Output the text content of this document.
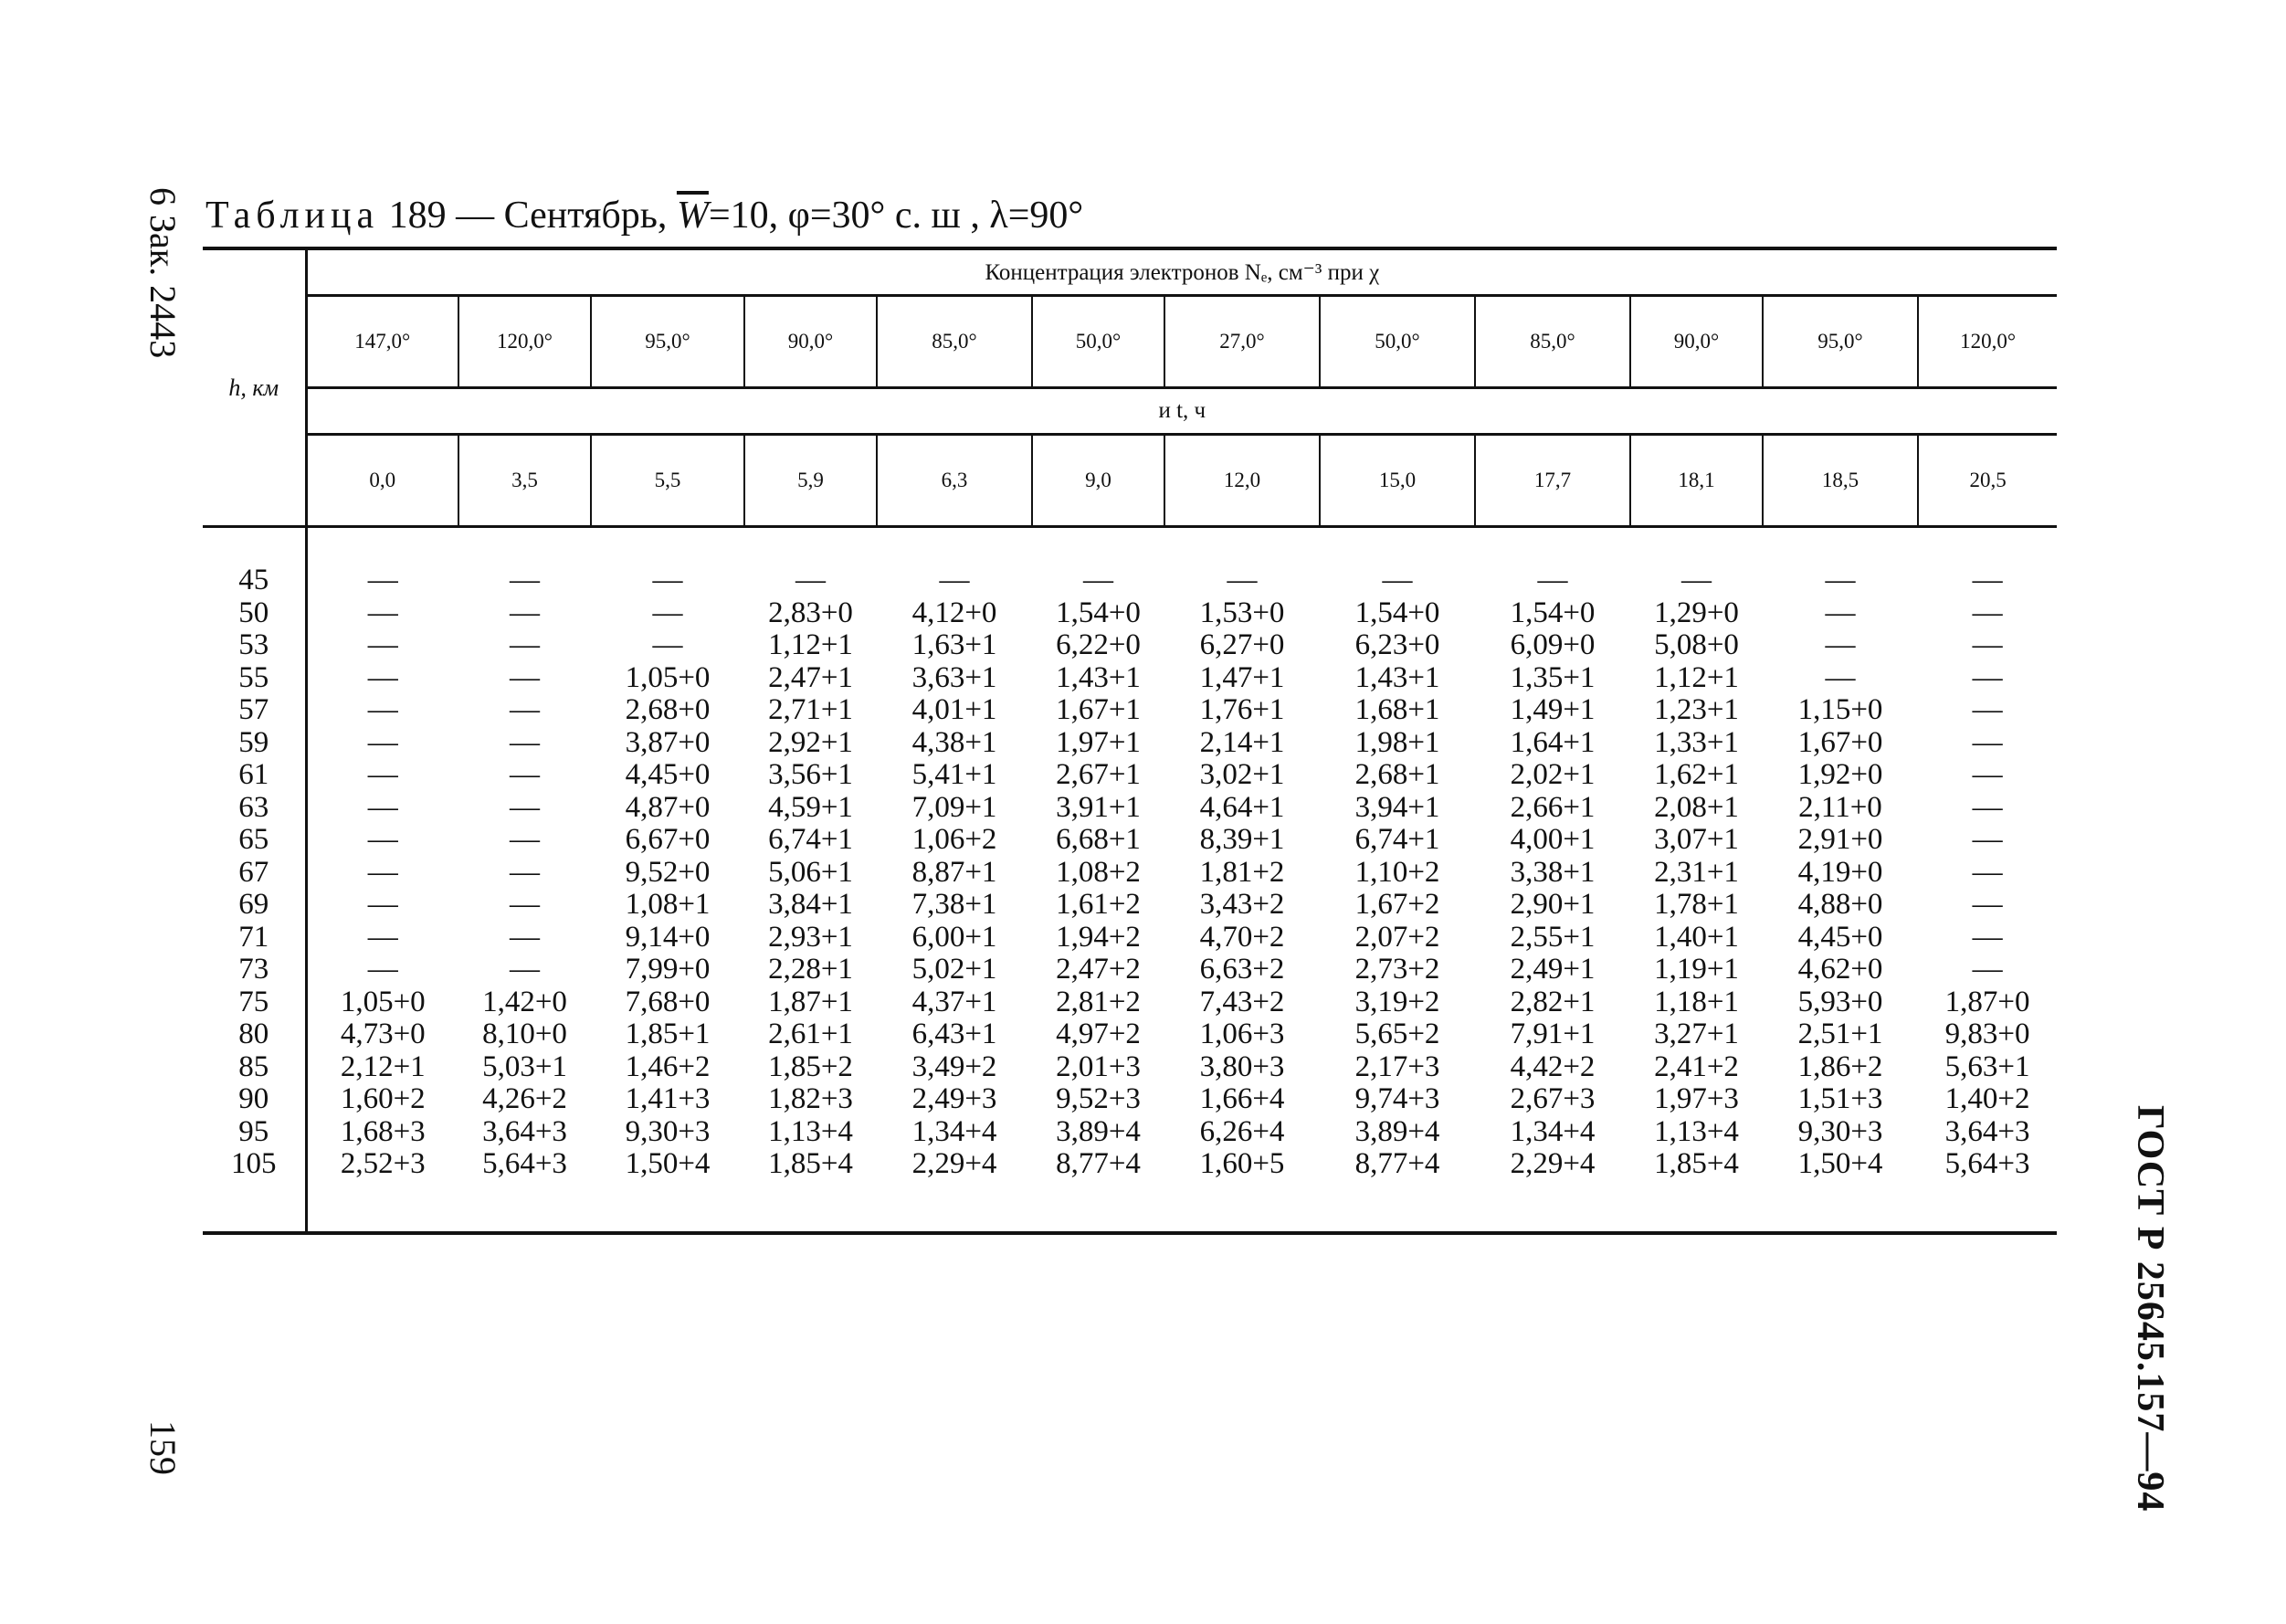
6 Зак. 2443
159	ГОСТ Р 25645.157—94
Таблица 189 — Сентябрь, $\overline{W}=10$, φ=30° с. ш , λ=90°
h, км	Концентрация электронов Nₑ, см⁻³ при χ											
	147,0°	120,0°	95,0°	90,0°	85,0°	50,0°	27,0°	50,0°	85,0°	90,0°	95,0°	120,0°
	и t, ч											
	0,0	3,5	5,5	5,9	6,3	9,0	12,0	15,0	17,7	18,1	18,5	20,5

45	—	—	—	—	—	—	—	—	—	—	—	—
50	—	—	—	2,83+0	4,12+0	1,54+0	1,53+0	1,54+0	1,54+0	1,29+0	—	—
53	—	—	—	1,12+1	1,63+1	6,22+0	6,27+0	6,23+0	6,09+0	5,08+0	—	—
55	—	—	1,05+0	2,47+1	3,63+1	1,43+1	1,47+1	1,43+1	1,35+1	1,12+1	—	—
57	—	—	2,68+0	2,71+1	4,01+1	1,67+1	1,76+1	1,68+1	1,49+1	1,23+1	1,15+0	—
59	—	—	3,87+0	2,92+1	4,38+1	1,97+1	2,14+1	1,98+1	1,64+1	1,33+1	1,67+0	—
61	—	—	4,45+0	3,56+1	5,41+1	2,67+1	3,02+1	2,68+1	2,02+1	1,62+1	1,92+0	—
63	—	—	4,87+0	4,59+1	7,09+1	3,91+1	4,64+1	3,94+1	2,66+1	2,08+1	2,11+0	—
65	—	—	6,67+0	6,74+1	1,06+2	6,68+1	8,39+1	6,74+1	4,00+1	3,07+1	2,91+0	—
67	—	—	9,52+0	5,06+1	8,87+1	1,08+2	1,81+2	1,10+2	3,38+1	2,31+1	4,19+0	—
69	—	—	1,08+1	3,84+1	7,38+1	1,61+2	3,43+2	1,67+2	2,90+1	1,78+1	4,88+0	—
71	—	—	9,14+0	2,93+1	6,00+1	1,94+2	4,70+2	2,07+2	2,55+1	1,40+1	4,45+0	—
73	—	—	7,99+0	2,28+1	5,02+1	2,47+2	6,63+2	2,73+2	2,49+1	1,19+1	4,62+0	—
75	1,05+0	1,42+0	7,68+0	1,87+1	4,37+1	2,81+2	7,43+2	3,19+2	2,82+1	1,18+1	5,93+0	1,87+0
80	4,73+0	8,10+0	1,85+1	2,61+1	6,43+1	4,97+2	1,06+3	5,65+2	7,91+1	3,27+1	2,51+1	9,83+0
85	2,12+1	5,03+1	1,46+2	1,85+2	3,49+2	2,01+3	3,80+3	2,17+3	4,42+2	2,41+2	1,86+2	5,63+1
90	1,60+2	4,26+2	1,41+3	1,82+3	2,49+3	9,52+3	1,66+4	9,74+3	2,67+3	1,97+3	1,51+3	1,40+2
95	1,68+3	3,64+3	9,30+3	1,13+4	1,34+4	3,89+4	6,26+4	3,89+4	1,34+4	1,13+4	9,30+3	3,64+3
105	2,52+3	5,64+3	1,50+4	1,85+4	2,29+4	8,77+4	1,60+5	8,77+4	2,29+4	1,85+4	1,50+4	5,64+3
